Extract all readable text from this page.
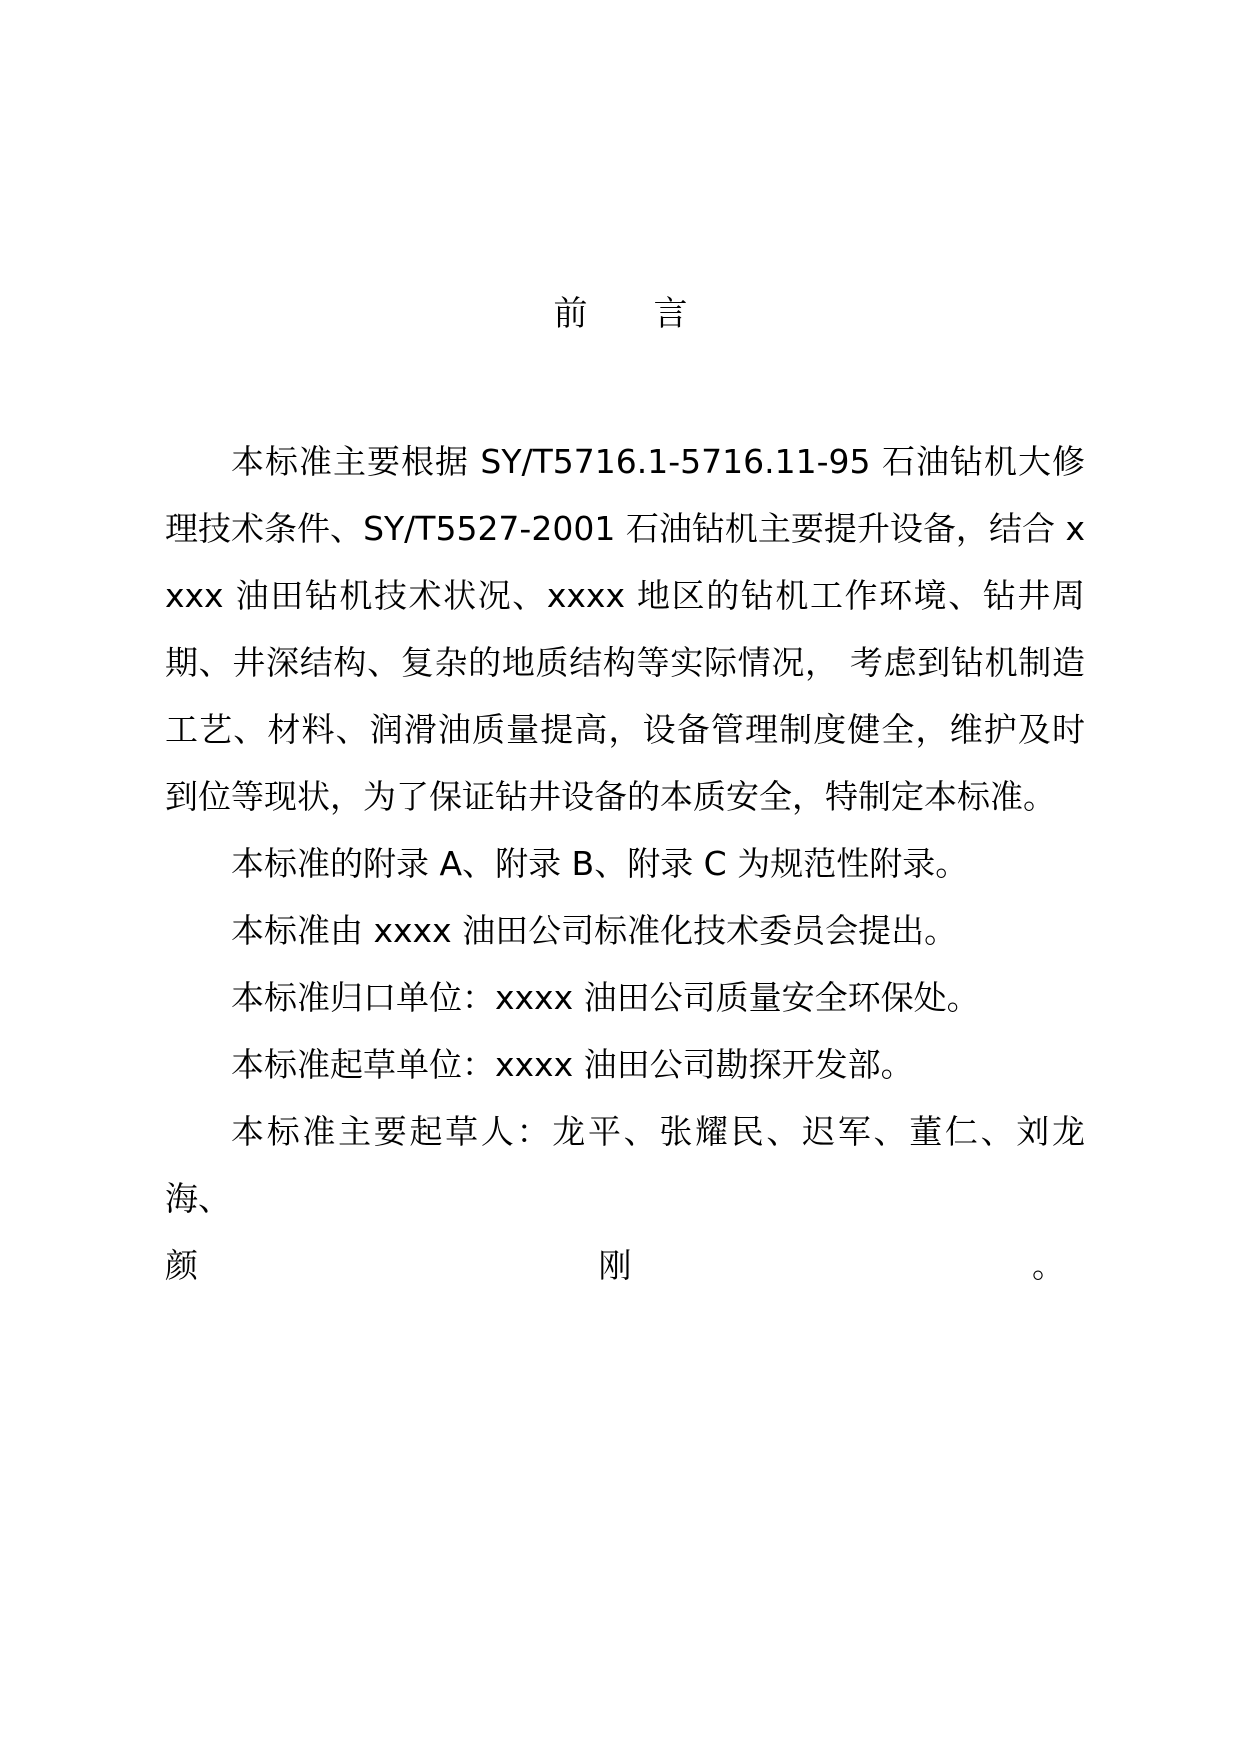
前 言

本标准主要根据 SY/T5716.1-5716.11-95 石油钻机大修理技术条件、SY/T5527-2001 石油钻机主要提升设备，结合 xxxx 油田钻机技术状况、xxxx 地区的钻机工作环境、钻井周期、井深结构、复杂的地质结构等实际情况， 考虑到钻机制造工艺、材料、润滑油质量提高，设备管理制度健全，维护及时到位等现状，为了保证钻井设备的本质安全，特制定本标准。

本标准的附录 A、附录 B、附录 C 为规范性附录。

本标准由 xxxx 油田公司标准化技术委员会提出。

本标准归口单位：xxxx 油田公司质量安全环保处。

本标准起草单位：xxxx 油田公司勘探开发部。

本标准主要起草人：龙平、张耀民、迟军、董仁、刘龙海、

颜	刚	。
